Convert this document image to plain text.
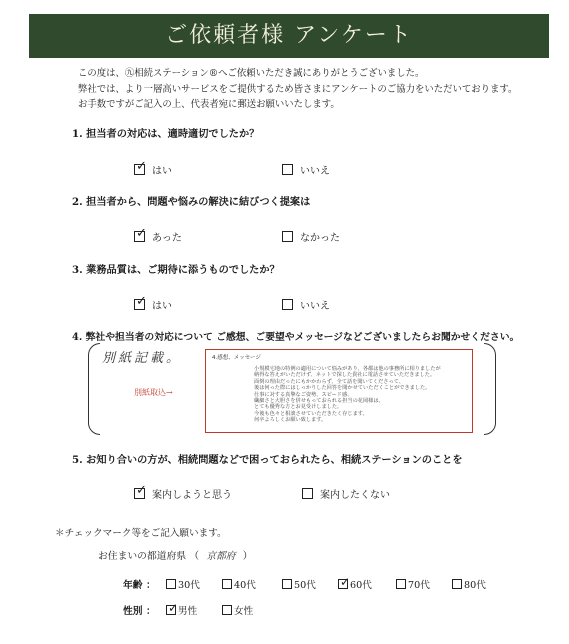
ご依頼者様 アンケート
この度は、㊈相続ステーション®へご依頼いただき誠にありがとうございました。
弊社では、より一層高いサービスをご提供するため皆さまにアンケートのご協力をいただいております。
お手数ですがご記入の上、代表者宛に郵送お願いいたします。
1. 担当者の対応は、適時適切でしたか？
✓ はい	いいえ
2. 担当者から、問題や悩みの解決に結びつく提案は
✓ あった	なかった
3. 業務品質は、ご期待に添うものでしたか？
✓ はい	いいえ
4. 弊社や担当者の対応について ご感想、ご要望やメッセージなどございましたらお聞かせください。
別紙記載。
別紙取込→
4.感想、メッセージ
小規模宅地の特例の適用について悩みがあり、各都は他の事務所に相りましたが
納得な答えがいただけず、ネットで探した貴社に電話させていただきました。
面倒の理由だったにもかかわらず、全て話を聞いてくださって、
後は何った際にはしっかりした回答を聞かせていただくことができました。
仕事に対する真摯なご姿勢、スピード感、
繊細さと大胆さを併せもっておられる担当の花岡様は、
とても優秀な方とお見受けしました。
今後も色々と相談させていただきたく存じます。
何卒よろしくお願い致します。
5. お知り合いの方が、相続問題などで困っておられたら、相続ステーションのことを
✓ 案内しようと思う	案内したくない
＊チェックマーク等をご記入願います。
お住まいの都道府県 （ 京都府 ）
年齢 ： 30代	40代	50代 ✓ 60代	70代	80代
性別 ： ✓ 男性	女性
